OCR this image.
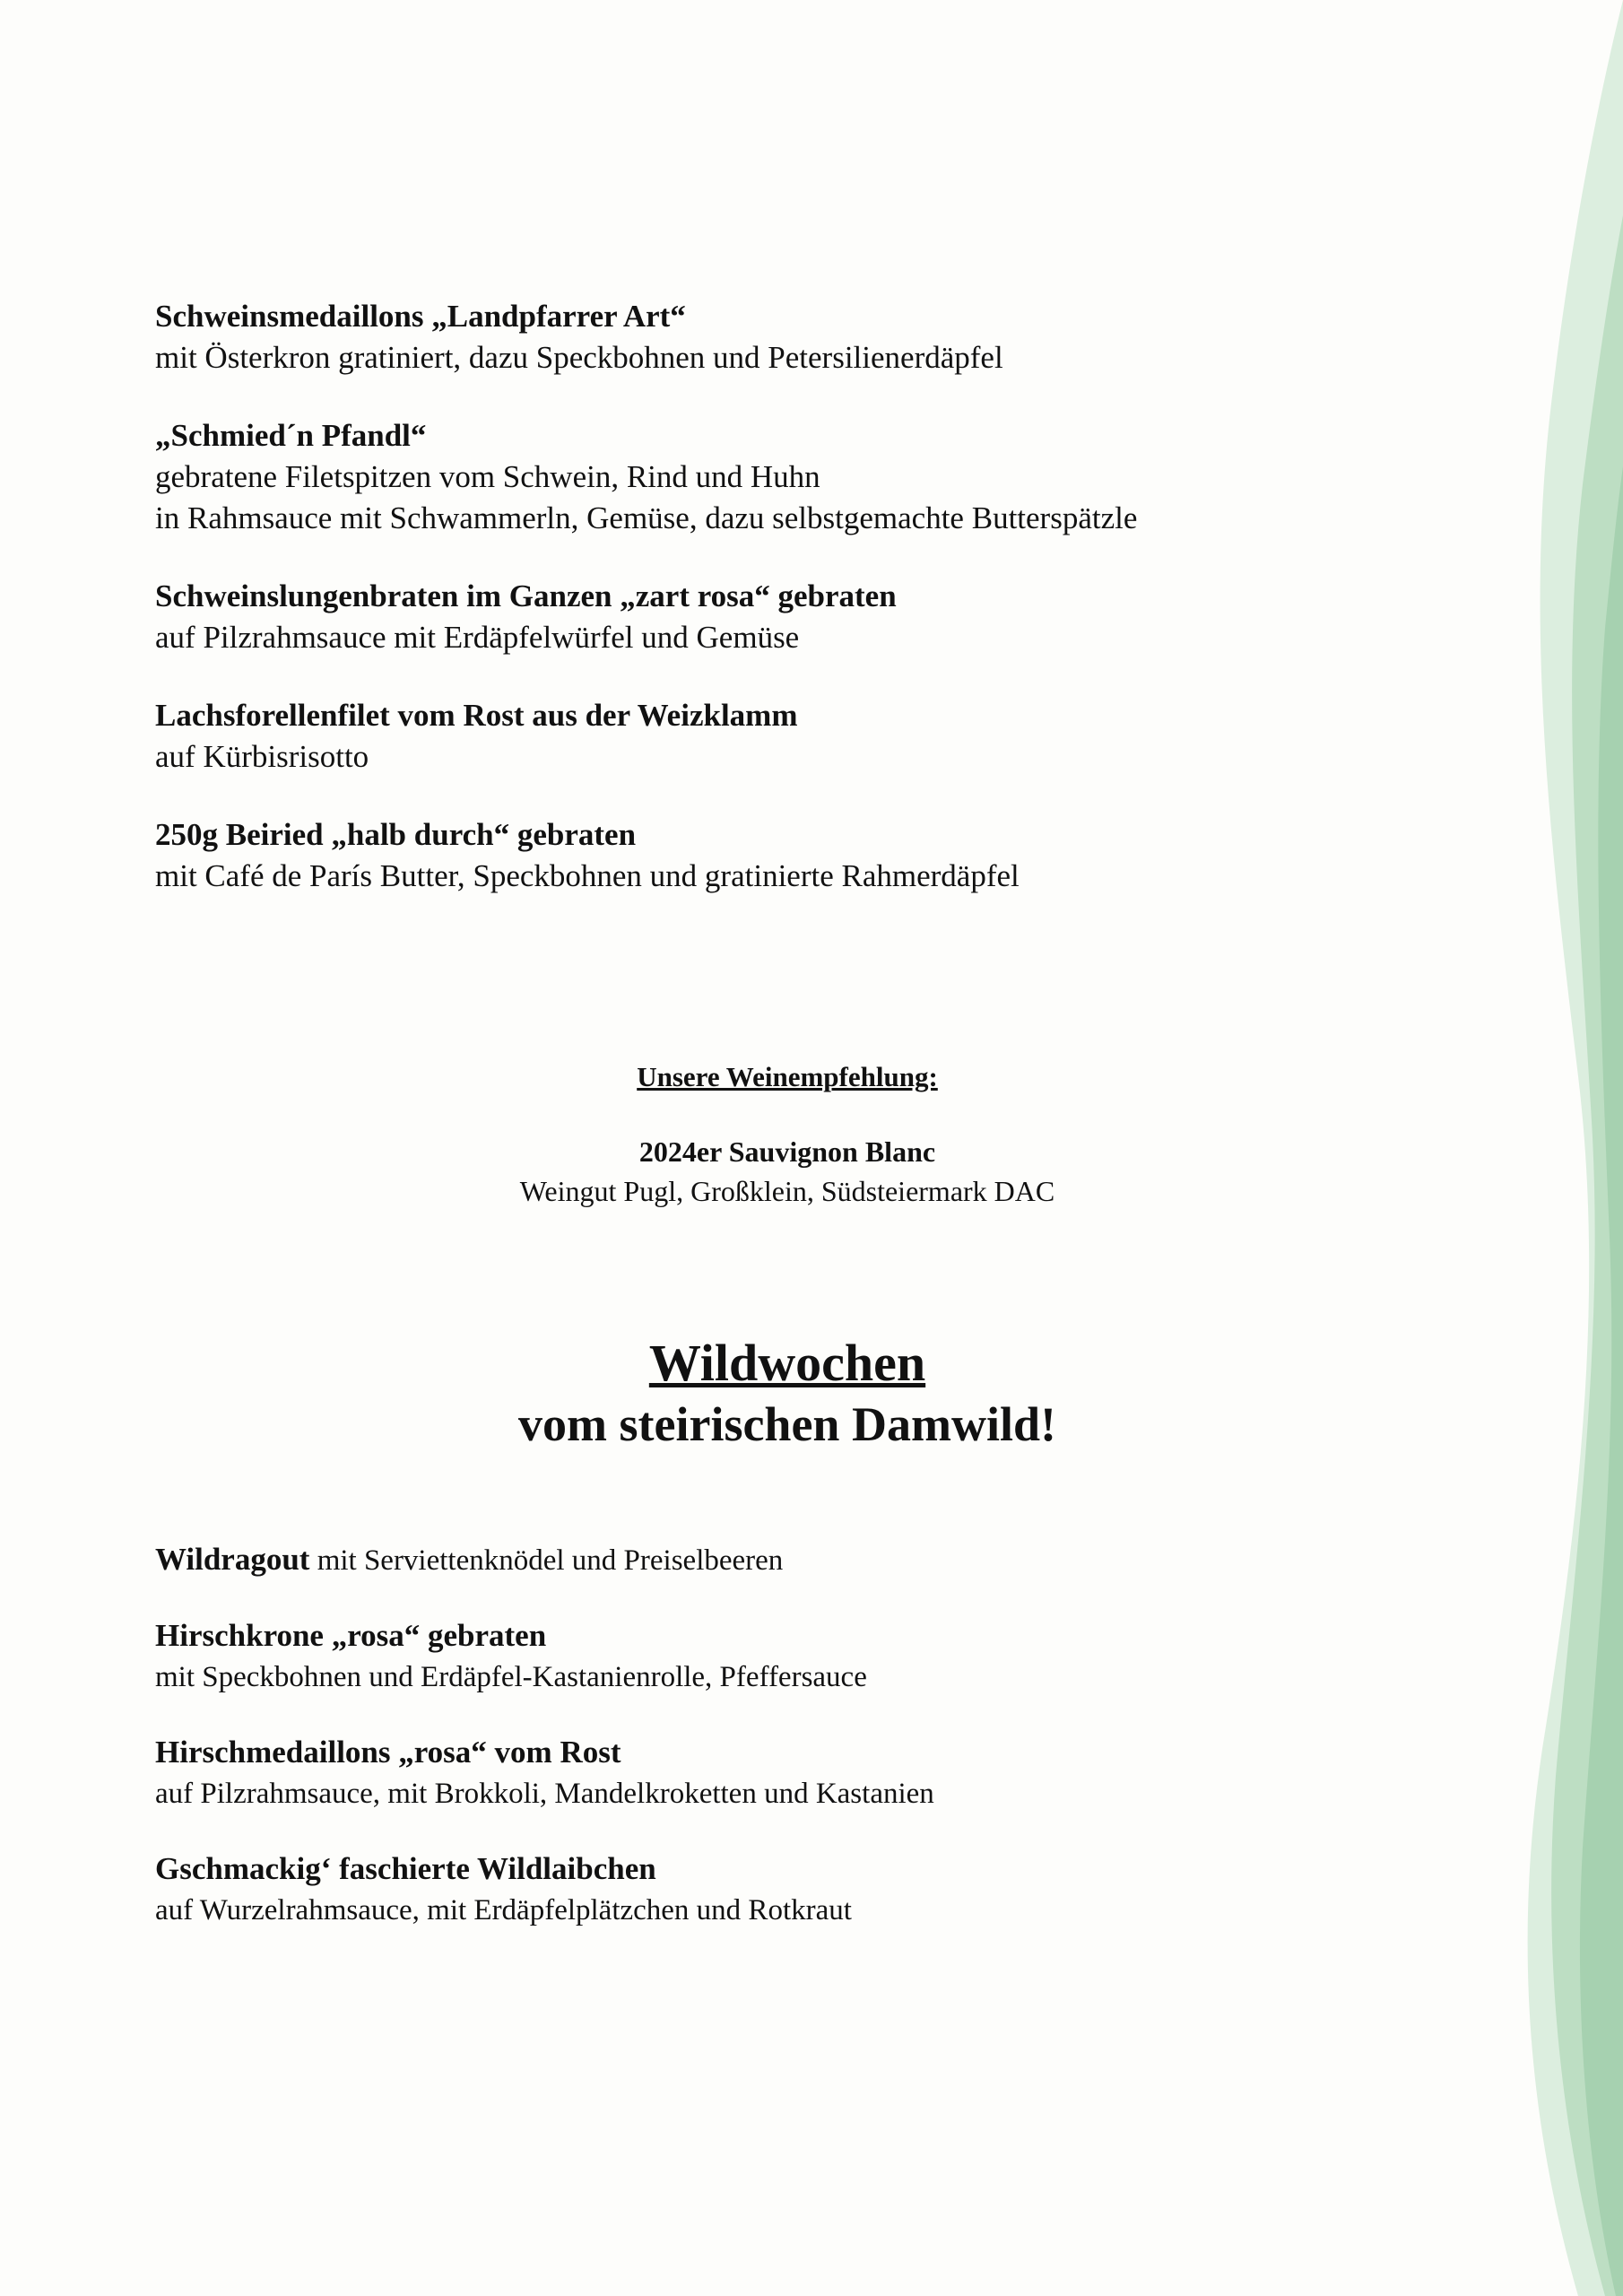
Schweinsmedaillons „Landpfarrer Art“
mit Österkron gratiniert, dazu Speckbohnen und Petersilienerdäpfel
„Schmied´n Pfandl“
gebratene Filetspitzen vom Schwein, Rind und Huhn
in Rahmsauce mit Schwammerln, Gemüse, dazu selbstgemachte Butterspätzle
Schweinslungenbraten im Ganzen „zart rosa“ gebraten
auf Pilzrahmsauce mit Erdäpfelwürfel und Gemüse
Lachsforellenfilet vom Rost aus der Weizklamm
auf Kürbisrisotto
250g Beiried „halb durch“ gebraten
mit Café de París Butter, Speckbohnen und gratinierte Rahmerdäpfel
Unsere Weinempfehlung:
2024er Sauvignon Blanc
Weingut Pugl, Großklein, Südsteiermark DAC
Wildwochen
vom steirischen Damwild!
Wildragout mit Serviettenknödel und Preiselbeeren
Hirschkrone „rosa“ gebraten
mit Speckbohnen und Erdäpfel-Kastanienrolle, Pfeffersauce
Hirschmedaillons „rosa“ vom Rost
auf Pilzrahmsauce, mit Brokkoli, Mandelkroketten und Kastanien
Gschmackig‘ faschierte Wildlaibchen
auf Wurzelrahmsauce, mit Erdäpfelplätzchen und Rotkraut
